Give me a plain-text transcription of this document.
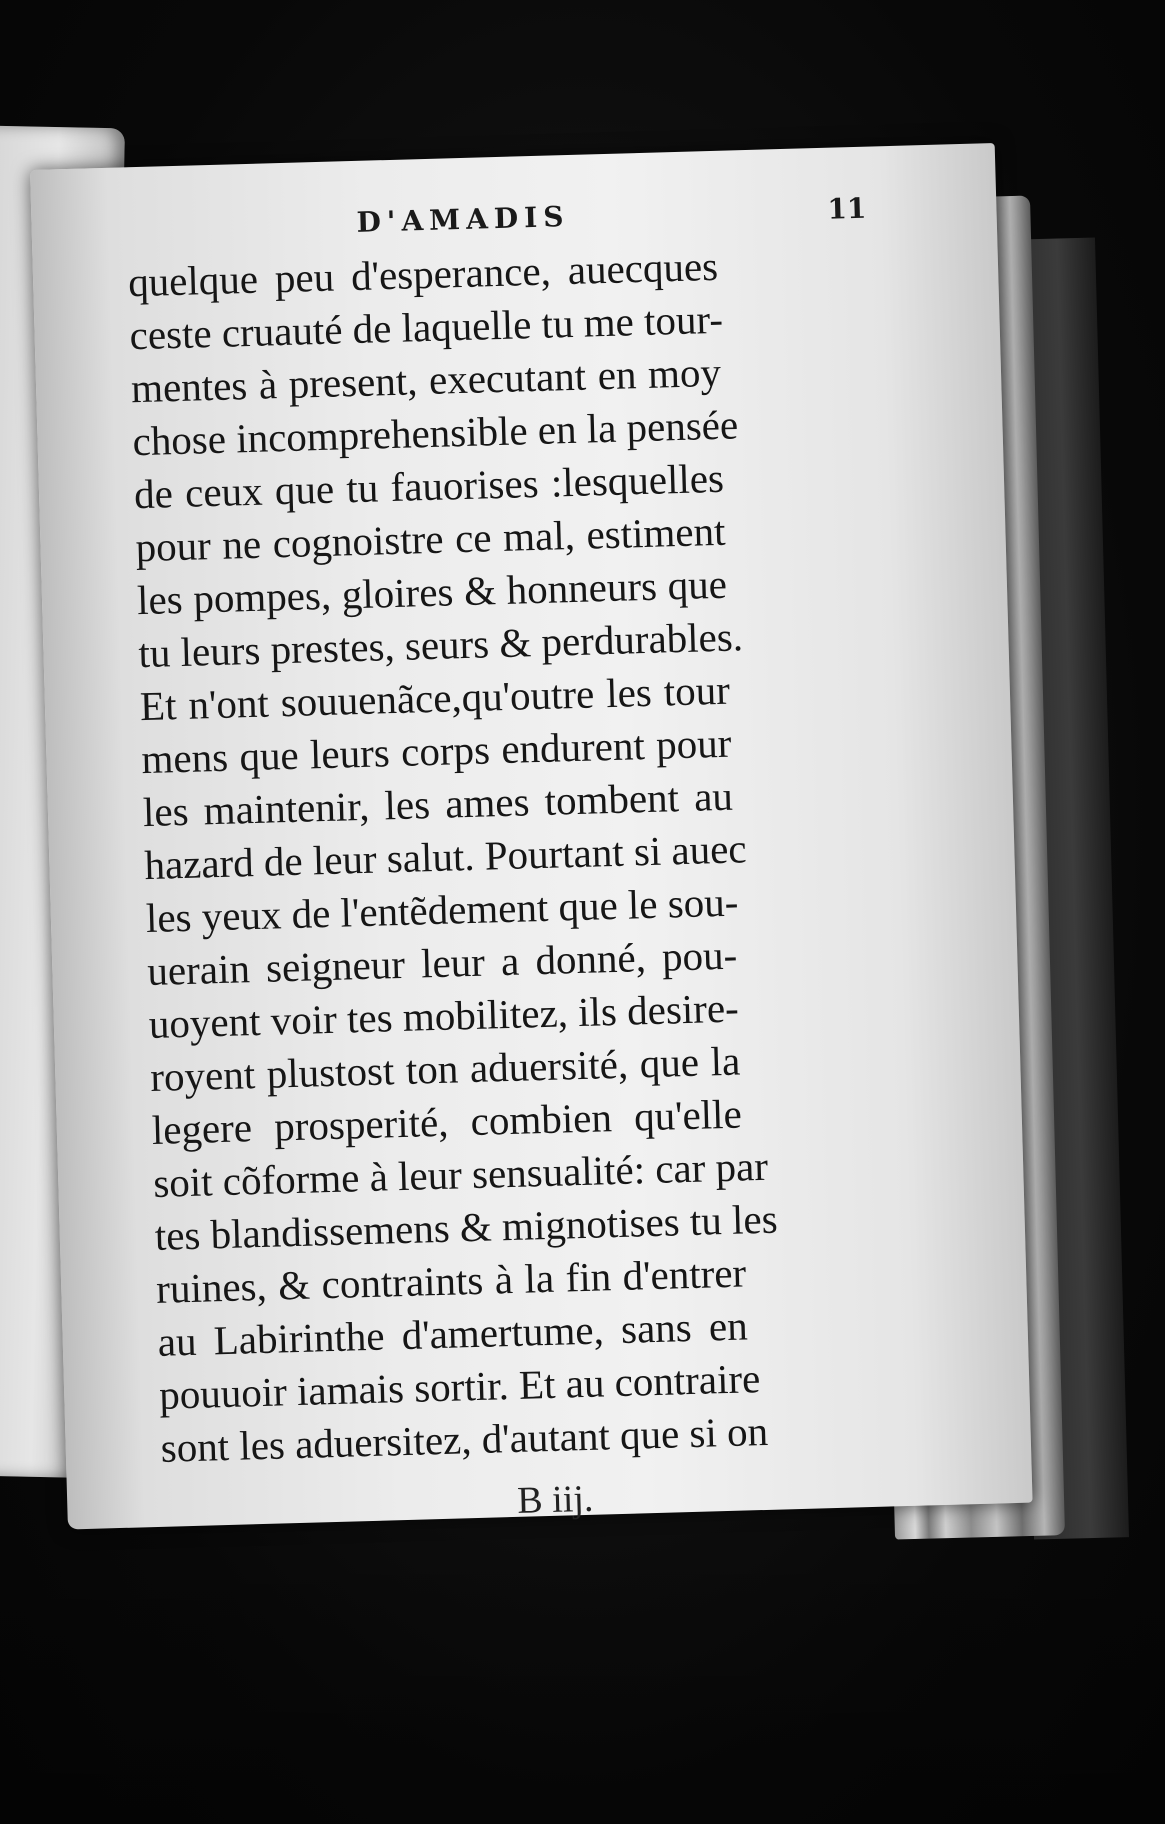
D'AMADIS	11
quelque peu d'esperance, auecques
ceste cruauté de laquelle tu me tour-
mentes à present, executant en moy
chose incomprehensible en la pensée
de ceux que tu fauorises :lesquelles
pour ne cognoistre ce mal, estiment
les pompes, gloires & honneurs que
tu leurs prestes, seurs & perdurables.
Et n'ont souuenãce,qu'outre les tour
mens que leurs corps endurent pour
les maintenir, les ames tombent au
hazard de leur salut. Pourtant si auec
les yeux de l'entẽdement que le sou-
uerain seigneur leur a donné, pou-
uoyent voir tes mobilitez, ils desire-
royent plustost ton aduersité, que la
legere prosperité, combien qu'elle
soit cõforme à leur sensualité: car par
tes blandissemens & mignotises tu les
ruines, & contraints à la fin d'entrer
au Labirinthe d'amertume, sans en
pouuoir iamais sortir. Et au contraire
sont les aduersitez, d'autant que si on
B iij.
